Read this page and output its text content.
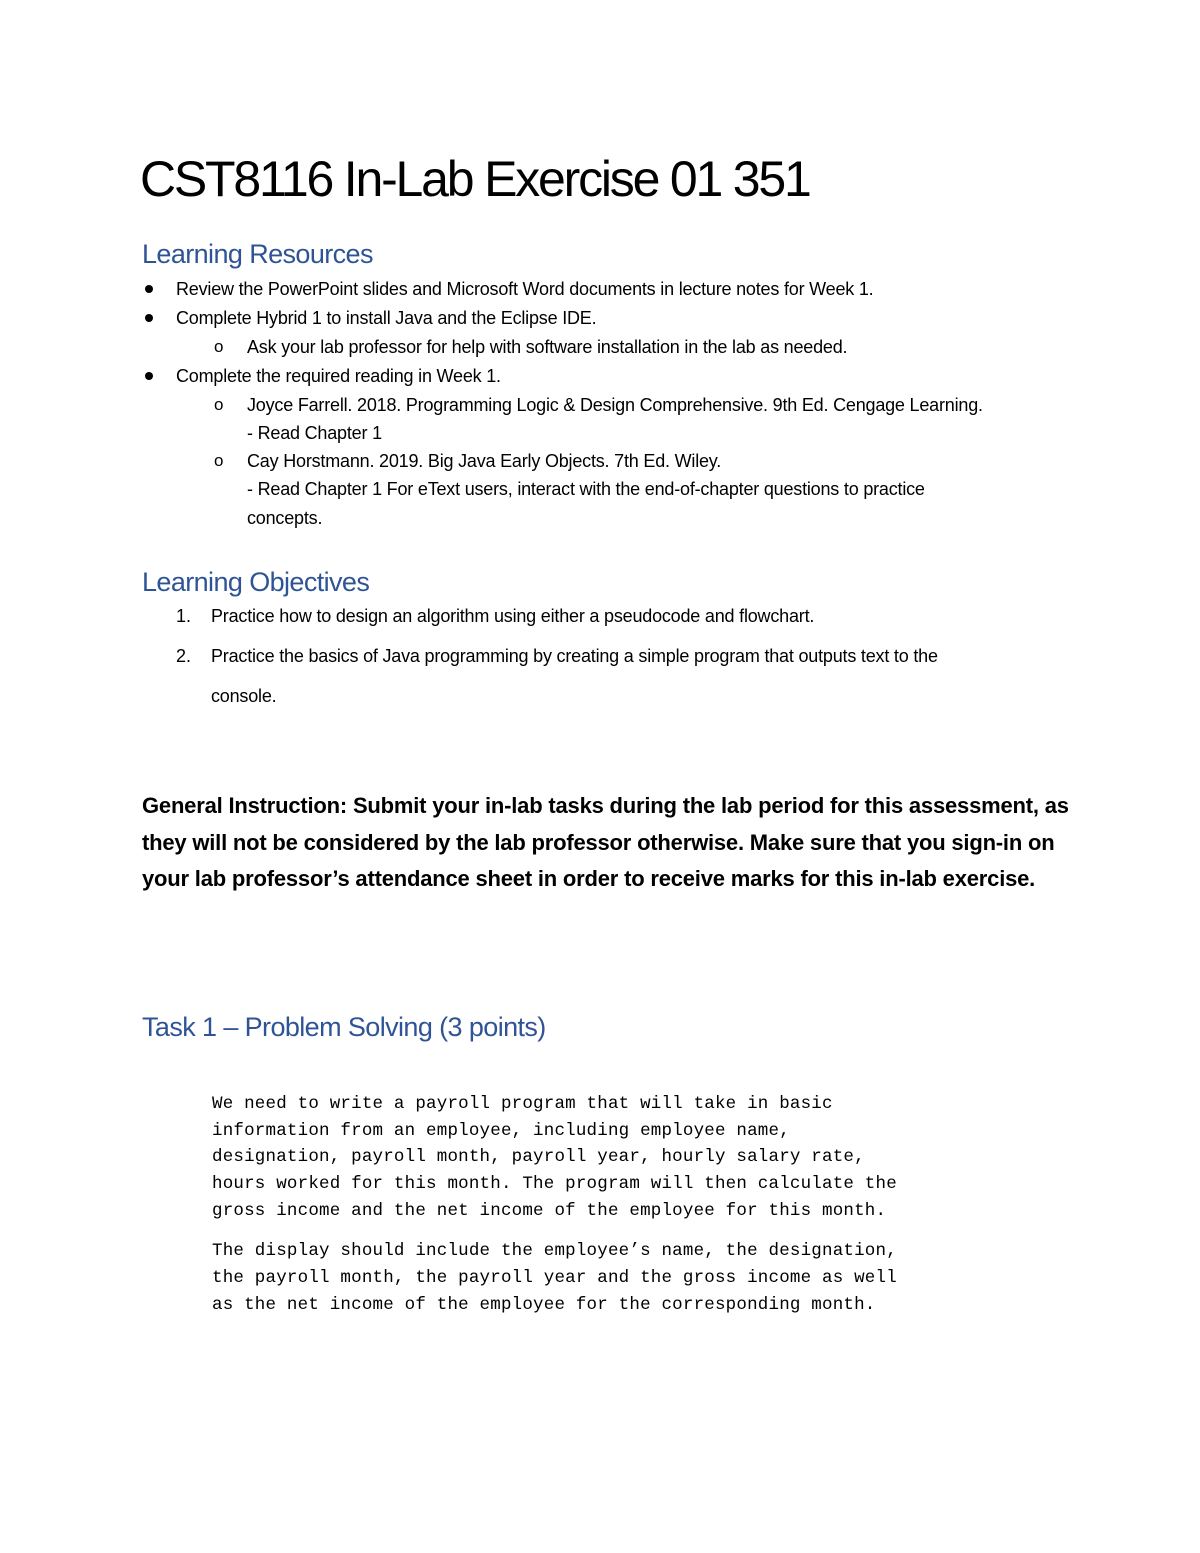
CST8116 In-Lab Exercise 01 351
Learning Resources
Review the PowerPoint slides and Microsoft Word documents in lecture notes for Week 1.
Complete Hybrid 1 to install Java and the Eclipse IDE.
o Ask your lab professor for help with software installation in the lab as needed.
Complete the required reading in Week 1.
o Joyce Farrell. 2018. Programming Logic & Design Comprehensive. 9th Ed. Cengage Learning.
- Read Chapter 1
o Cay Horstmann. 2019. Big Java Early Objects. 7th Ed. Wiley.
- Read Chapter 1 For eText users, interact with the end-of-chapter questions to practice
concepts.
Learning Objectives
1. Practice how to design an algorithm using either a pseudocode and flowchart.
2. Practice the basics of Java programming by creating a simple program that outputs text to the
console.
General Instruction: Submit your in-lab tasks during the lab period for this assessment, as they will not be considered by the lab professor otherwise. Make sure that you sign-in on your lab professor’s attendance sheet in order to receive marks for this in-lab exercise.
Task 1 – Problem Solving (3 points)
We need to write a payroll program that will take in basic
information from an employee, including employee name,
designation, payroll month, payroll year, hourly salary rate,
hours worked for this month. The program will then calculate the
gross income and the net income of the employee for this month.
The display should include the employee’s name, the designation,
the payroll month, the payroll year and the gross income as well
as the net income of the employee for the corresponding month.
